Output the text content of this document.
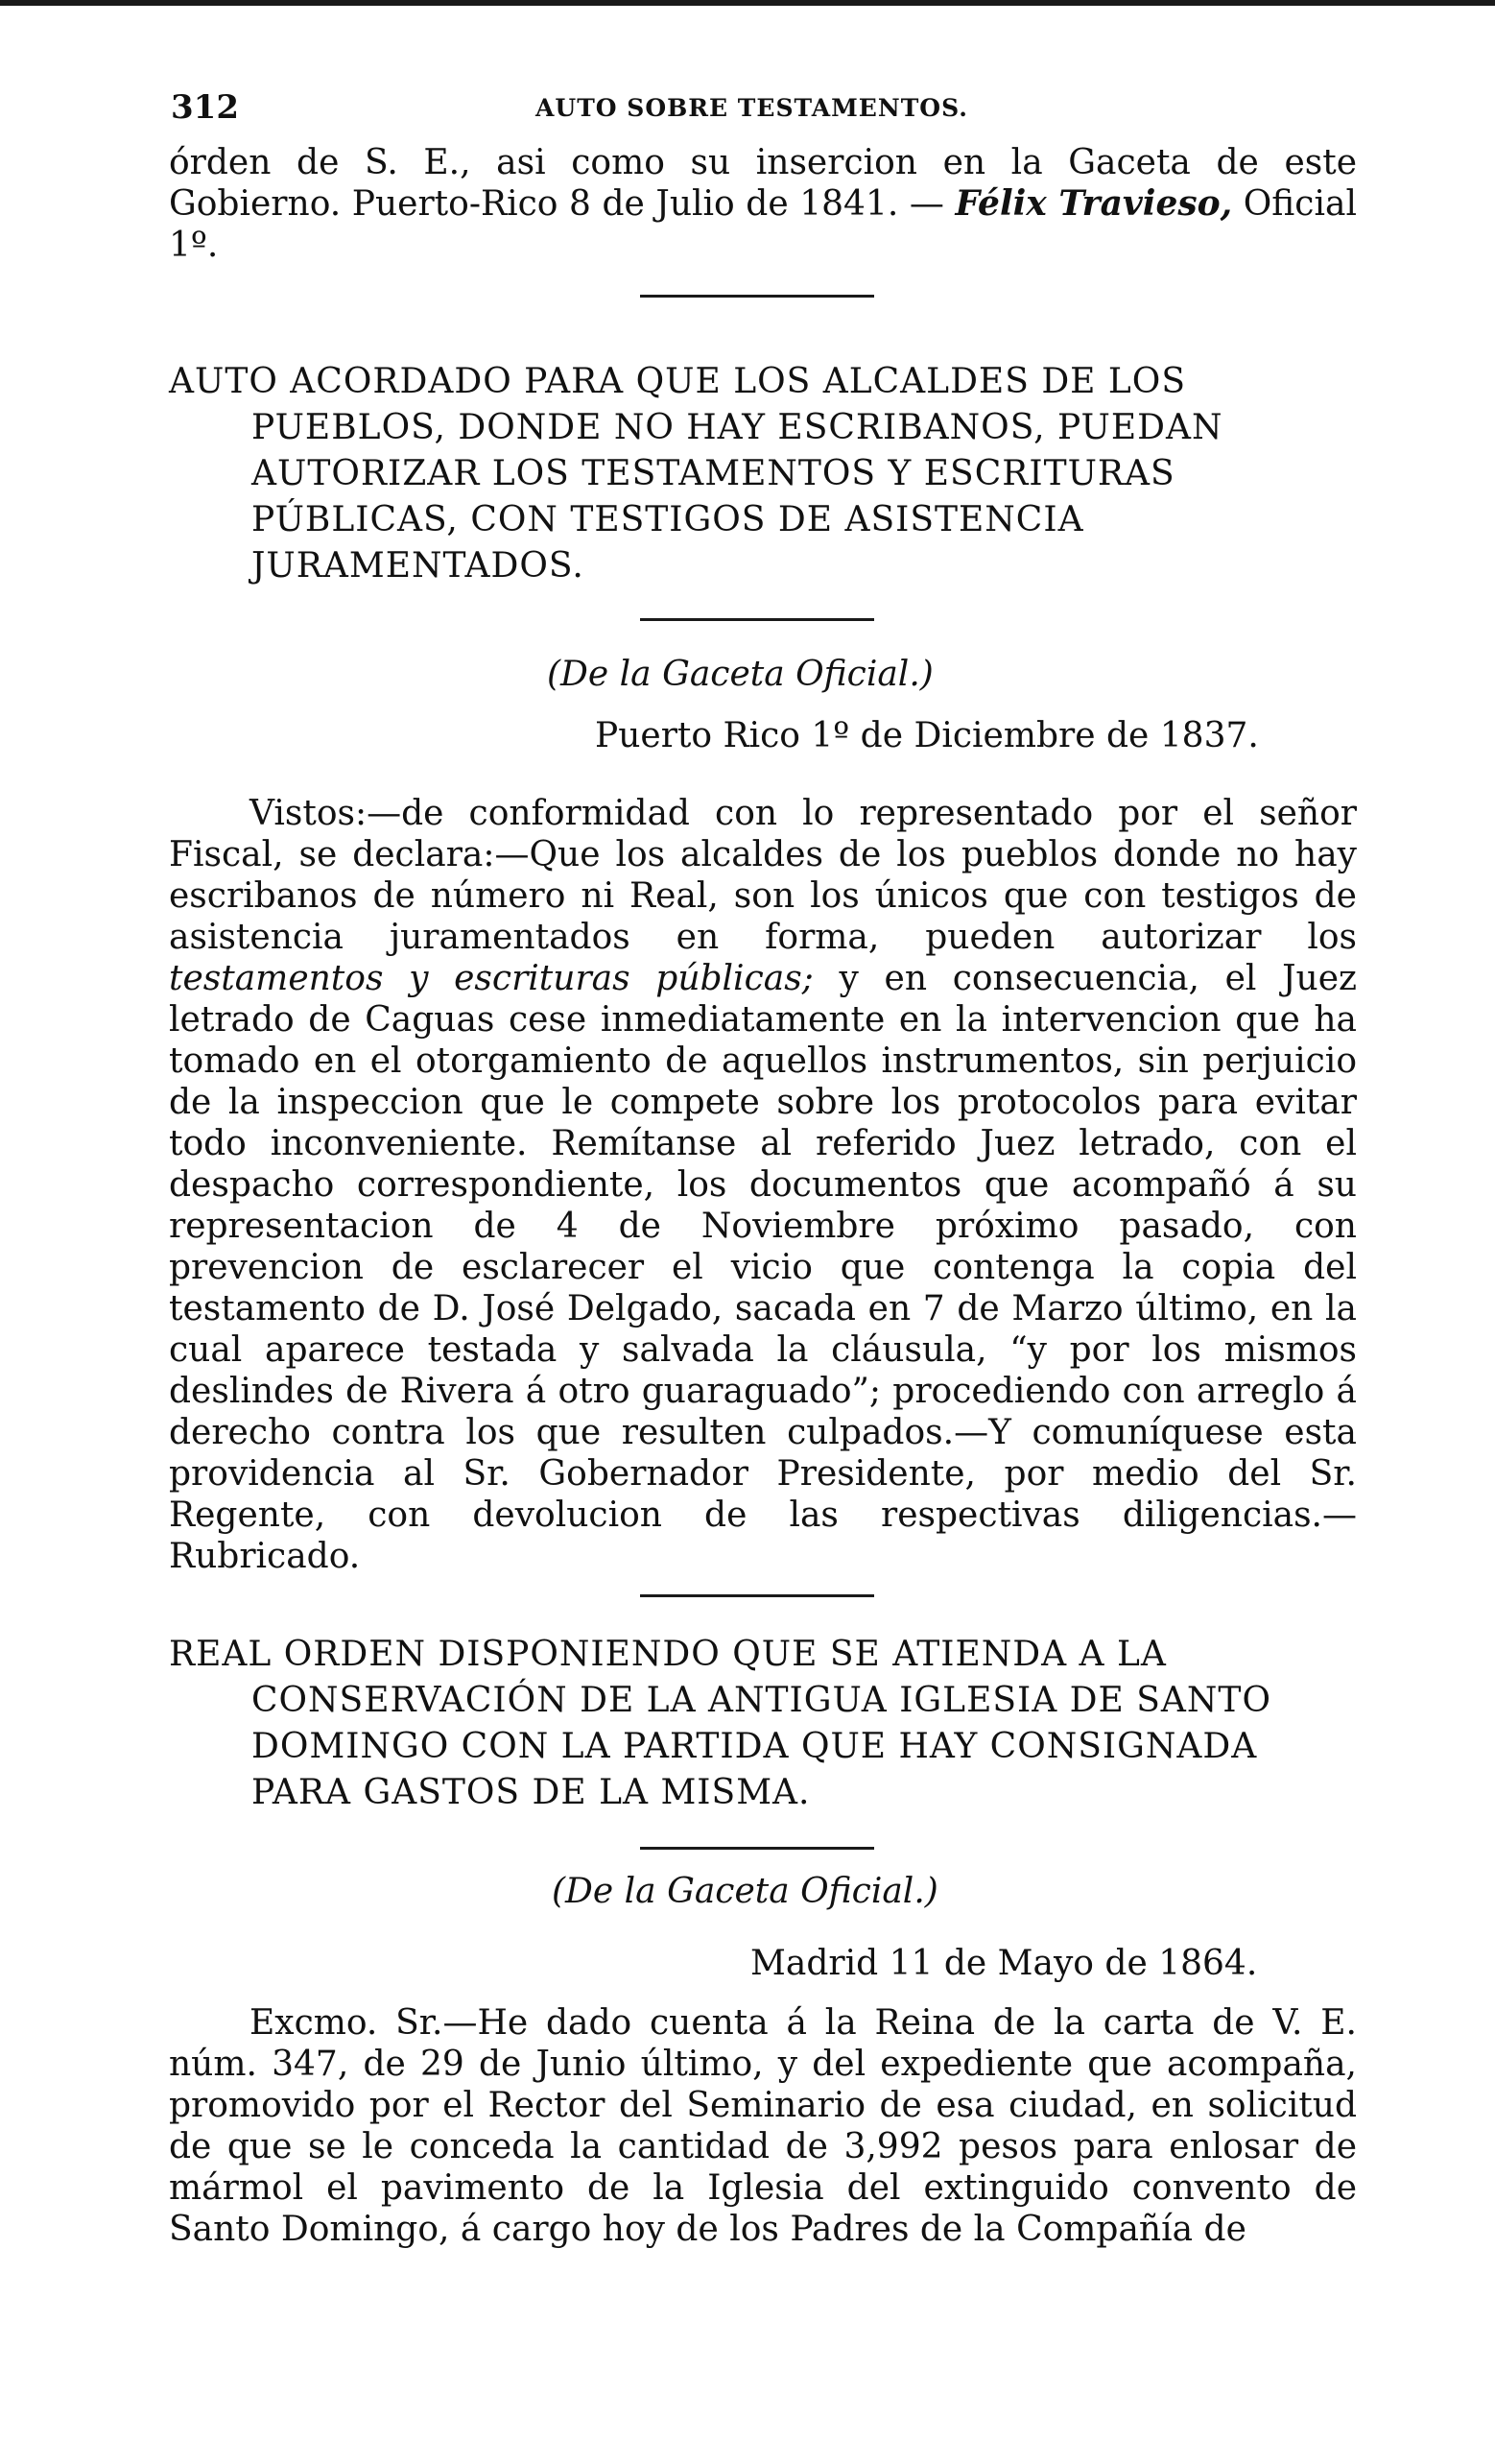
312	AUTO SOBRE TESTAMENTOS.

órden de S. E., asi como su insercion en la Gaceta de este Gobierno. Puerto-Rico 8 de Julio de 1841. — Félix Travieso, Oficial 1º.

AUTO ACORDADO PARA QUE LOS ALCALDES DE LOS
PUEBLOS, DONDE NO HAY ESCRIBANOS, PUEDAN AUTORIZAR LOS TESTAMENTOS Y ESCRITURAS PÚBLICAS, CON TESTIGOS DE ASISTENCIA JURAMENTADOS.
(De la Gaceta Oficial.)
Puerto Rico 1º de Diciembre de 1837.

Vistos:—de conformidad con lo representado por el señor Fiscal, se declara:—Que los alcaldes de los pueblos donde no hay escribanos de número ni Real, son los únicos que con testigos de asistencia juramentados en forma, pueden autorizar los testamentos y escrituras públicas; y en consecuencia, el Juez letrado de Caguas cese inmediatamente en la intervencion que ha tomado en el otorgamiento de aquellos instrumentos, sin perjuicio de la inspeccion que le compete sobre los protocolos para evitar todo inconveniente. Remítanse al referido Juez letrado, con el despacho correspondiente, los documentos que acompañó á su representacion de 4 de Noviembre próximo pasado, con prevencion de esclarecer el vicio que contenga la copia del testamento de D. José Delgado, sacada en 7 de Marzo último, en la cual aparece testada y salvada la cláusula, “y por los mismos deslindes de Rivera á otro guaraguado”; procediendo con arreglo á derecho contra los que resulten culpados.—Y comuníquese esta providencia al Sr. Gobernador Presidente, por medio del Sr. Regente, con devolucion de las respectivas diligencias.—Rubricado.

REAL ORDEN DISPONIENDO QUE SE ATIENDA A LA
CONSERVACIÓN DE LA ANTIGUA IGLESIA DE SANTO DOMINGO CON LA PARTIDA QUE HAY CONSIGNADA PARA GASTOS DE LA MISMA.
(De la Gaceta Oficial.)
Madrid 11 de Mayo de 1864.

Excmo. Sr.—He dado cuenta á la Reina de la carta de V. E. núm. 347, de 29 de Junio último, y del expediente que acompaña, promovido por el Rector del Seminario de esa ciudad, en solicitud de que se le conceda la cantidad de 3,992 pesos para enlosar de mármol el pavimento de la Iglesia del extinguido convento de Santo Domingo, á cargo hoy de los Padres de la Compañía de
